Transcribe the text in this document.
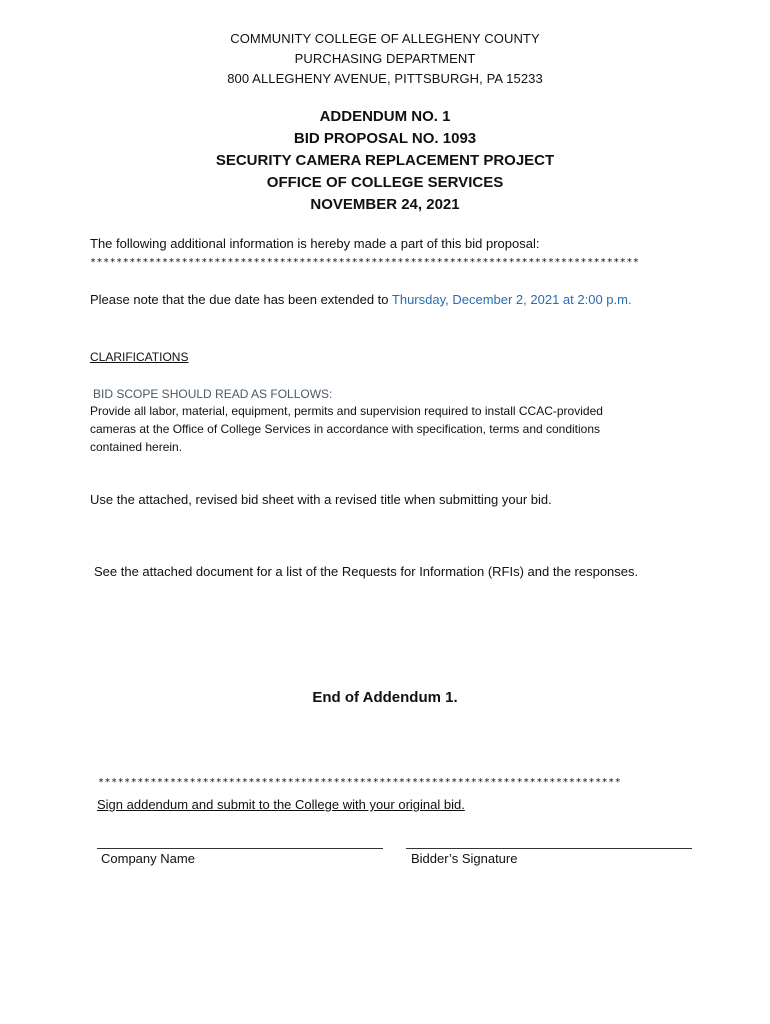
COMMUNITY COLLEGE OF ALLEGHENY COUNTY
PURCHASING DEPARTMENT
800 ALLEGHENY AVENUE, PITTSBURGH, PA 15233
ADDENDUM NO. 1
BID PROPOSAL NO. 1093
SECURITY CAMERA REPLACEMENT PROJECT
OFFICE OF COLLEGE SERVICES
NOVEMBER 24, 2021
The following additional information is hereby made a part of this bid proposal:
************************************************************************************
Please note that the due date has been extended to Thursday, December 2, 2021 at 2:00 p.m.
CLARIFICATIONS
BID SCOPE SHOULD READ AS FOLLOWS:
Provide all labor, material, equipment, permits and supervision required to install CCAC-provided
cameras at the Office of College Services in accordance with specification, terms and conditions
contained herein.
Use the attached, revised bid sheet with a revised title when submitting your bid.
See the attached document for a list of the Requests for Information (RFIs) and the responses.
End of Addendum 1.
********************************************************************************
Sign addendum and submit to the College with your original bid.
Company Name	Bidder’s Signature
